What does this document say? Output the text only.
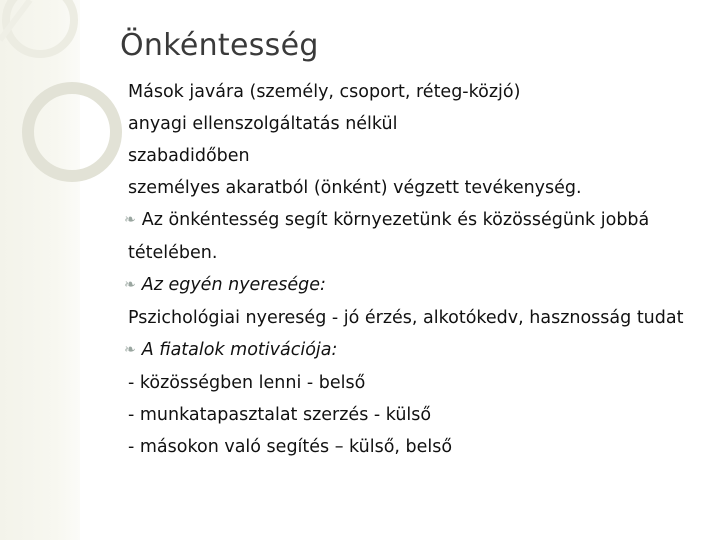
Önkéntesség
Mások javára (személy, csoport, réteg-közjó)
anyagi ellenszolgáltatás nélkül
szabadidőben
személyes akaratból (önként) végzett tevékenység.
❧ Az önkéntesség segít környezetünk és közösségünk jobbá tételében.
❧ Az egyén nyeresége:
Pszichológiai nyereség - jó érzés, alkotókedv, hasznosság tudat
❧ A fiatalok motivációja:
- közösségben lenni - belső
- munkatapasztalat szerzés - külső
- másokon való segítés – külső, belső
